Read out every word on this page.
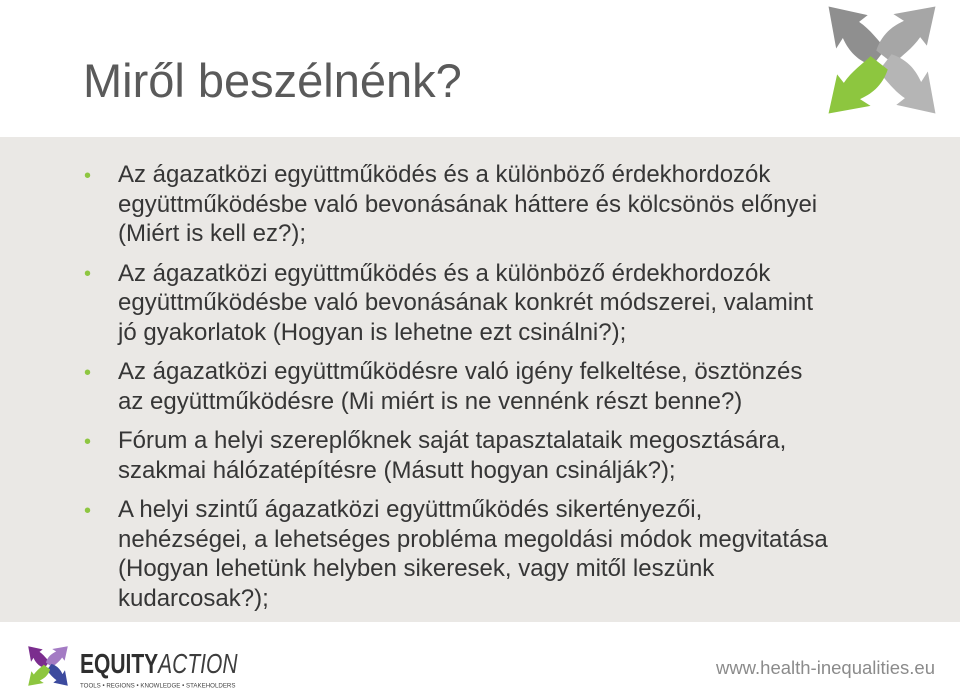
Miről beszélnénk?
• Az ágazatközi együttműködés és a különböző érdekhordozók
együttműködésbe való bevonásának háttere és kölcsönös előnyei
(Miért is kell ez?);
• Az ágazatközi együttműködés és a különböző érdekhordozók
együttműködésbe való bevonásának konkrét módszerei, valamint
jó gyakorlatok (Hogyan is lehetne ezt csinálni?);
• Az ágazatközi együttműködésre való igény felkeltése, ösztönzés
az együttműködésre (Mi miért is ne vennénk részt benne?)
• Fórum a helyi szereplőknek saját tapasztalataik megosztására,
szakmai hálózatépítésre (Másutt hogyan csinálják?);
• A helyi szintű ágazatközi együttműködés sikertényezői,
nehézségei, a lehetséges probléma megoldási módok megvitatása
(Hogyan lehetünk helyben sikeresek, vagy mitől leszünk
kudarcosak?);
EQUITYACTION
TOOLS • REGIONS • KNOWLEDGE • STAKEHOLDERS
www.health-inequalities.eu
